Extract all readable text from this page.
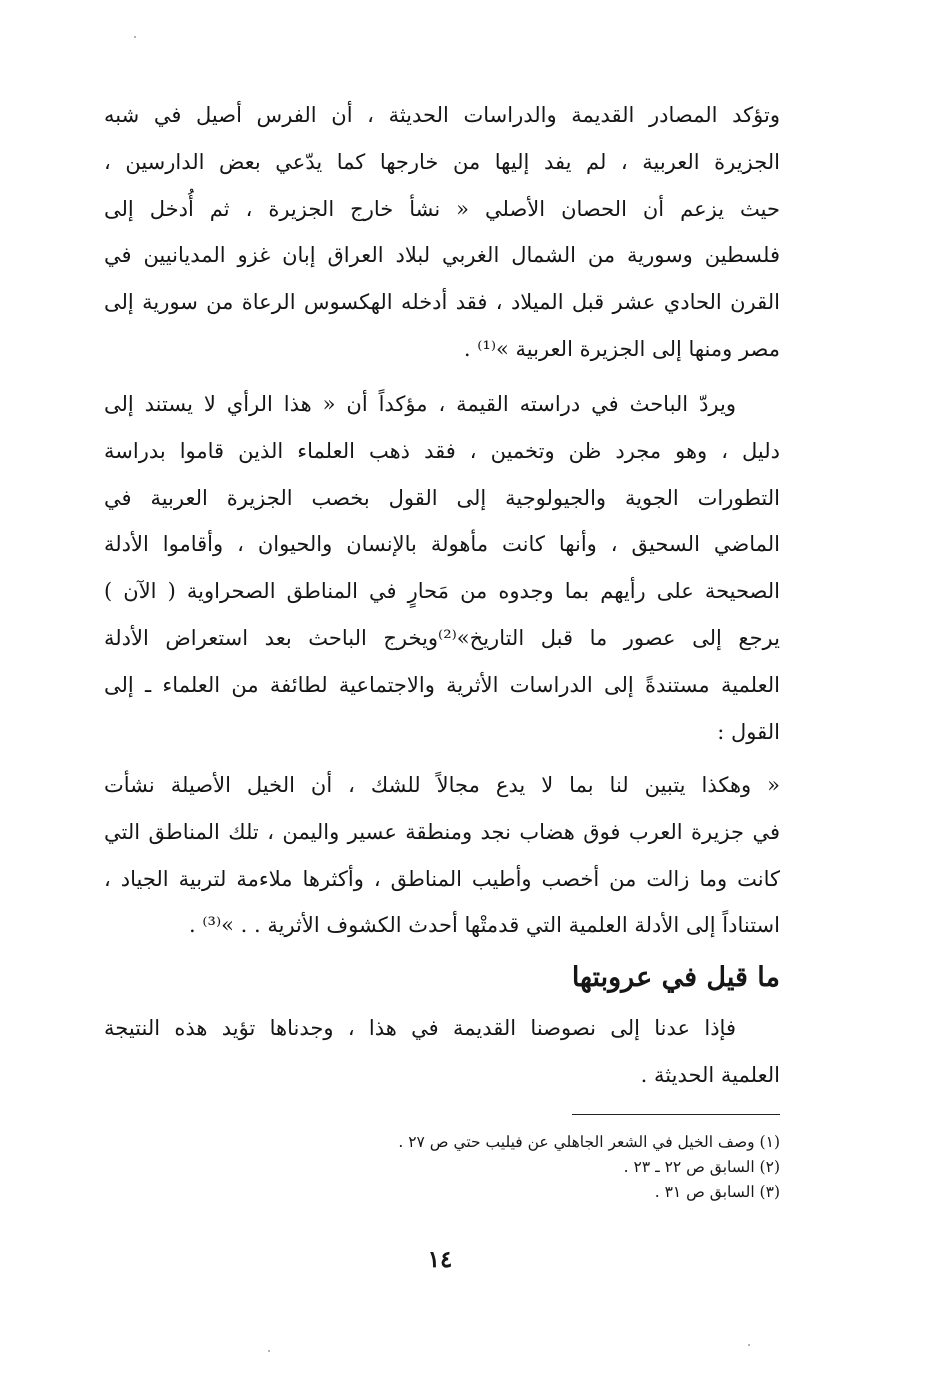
وتؤكد المصادر القديمة والدراسات الحديثة ، أن الفرس أصيل في شبه
الجزيرة العربية ، لم يفد إليها من خارجها كما يدّعي بعض الدارسين ،
حيث يزعم أن الحصان الأصلي « نشأ خارج الجزيرة ، ثم أُدخل إلى
فلسطين وسورية من الشمال الغربي لبلاد العراق إبان غزو المديانيين في
القرن الحادي عشر قبل الميلاد ، فقد أدخله الهكسوس الرعاة من سورية إلى
مصر ومنها إلى الجزيرة العربية »⁽¹⁾ .
ويردّ الباحث في دراسته القيمة ، مؤكداً أن « هذا الرأي لا يستند إلى
دليل ، وهو مجرد ظن وتخمين ، فقد ذهب العلماء الذين قاموا بدراسة
التطورات الجوية والجيولوجية إلى القول بخصب الجزيرة العربية في
الماضي السحيق ، وأنها كانت مأهولة بالإنسان والحيوان ، وأقاموا الأدلة
الصحيحة على رأيهم بما وجدوه من مَحارٍ في المناطق الصحراوية ( الآن )
يرجع إلى عصور ما قبل التاريخ»⁽²⁾ويخرج الباحث بعد استعراض الأدلة
العلمية مستندةً إلى الدراسات الأثرية والاجتماعية لطائفة من العلماء ـ إلى
القول :
« وهكذا يتبين لنا بما لا يدع مجالاً للشك ، أن الخيل الأصيلة نشأت
في جزيرة العرب فوق هضاب نجد ومنطقة عسير واليمن ، تلك المناطق التي
كانت وما زالت من أخصب وأطيب المناطق ، وأكثرها ملاءمة لتربية الجياد ،
استناداً إلى الأدلة العلمية التي قدمتْها أحدث الكشوف الأثرية . . »⁽³⁾ .
ما قيل في عروبتها
فإذا عدنا إلى نصوصنا القديمة في هذا ، وجدناها تؤيد هذه النتيجة
العلمية الحديثة .
(١) وصف الخيل في الشعر الجاهلي عن فيليب حتي ص ٢٧ .
(٢) السابق ص ٢٢ ـ ٢٣ .
(٣) السابق ص ٣١ .
١٤
